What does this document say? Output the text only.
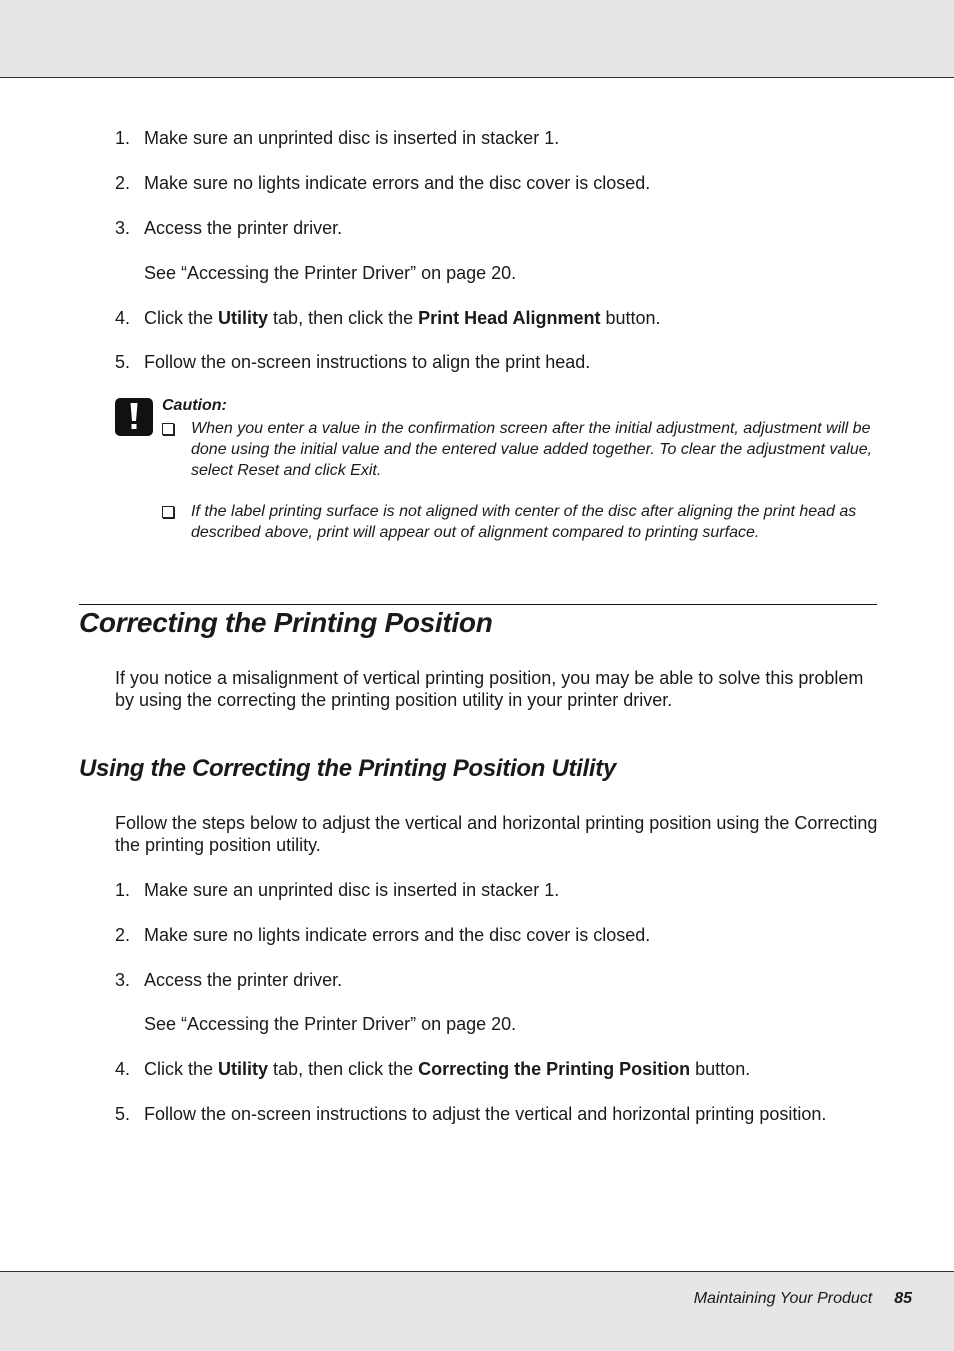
1. Make sure an unprinted disc is inserted in stacker 1.
2. Make sure no lights indicate errors and the disc cover is closed.
3. Access the printer driver.
See “Accessing the Printer Driver” on page 20.
4. Click the Utility tab, then click the Print Head Alignment button.
5. Follow the on-screen instructions to align the print head.
Caution:
When you enter a value in the confirmation screen after the initial adjustment, adjustment will be done using the initial value and the entered value added together. To clear the adjustment value, select Reset and click Exit.
If the label printing surface is not aligned with center of the disc after aligning the print head as described above, print will appear out of alignment compared to printing surface.
Correcting the Printing Position
If you notice a misalignment of vertical printing position, you may be able to solve this problem by using the correcting the printing position utility in your printer driver.
Using the Correcting the Printing Position Utility
Follow the steps below to adjust the vertical and horizontal printing position using the Correcting the printing position utility.
1. Make sure an unprinted disc is inserted in stacker 1.
2. Make sure no lights indicate errors and the disc cover is closed.
3. Access the printer driver.
See “Accessing the Printer Driver” on page 20.
4. Click the Utility tab, then click the Correcting the Printing Position button.
5. Follow the on-screen instructions to adjust the vertical and horizontal printing position.
Maintaining Your Product 85
